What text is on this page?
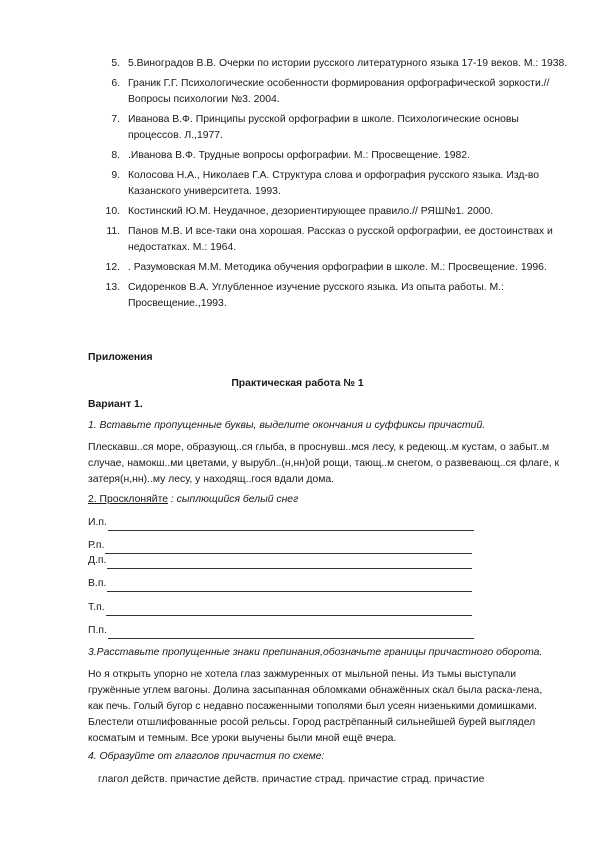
5. 5.Виноградов В.В. Очерки по истории русского литературного языка 17-19 веков. М.: 1938.
6. Граник Г.Г. Психологические особенности формирования орфографической зоркости.// Вопросы психологии №3. 2004.
7. Иванова В.Ф. Принципы русской орфографии в школе. Психологические основы процессов. Л.,1977.
8. .Иванова В.Ф. Трудные вопросы орфографии. М.: Просвещение. 1982.
9. Колосова Н.А., Николаев Г.А. Структура слова и орфография русского языка. Изд-во Казанского университета. 1993.
10. Костинский Ю.М. Неудачное, дезориентирующее правило.// РЯШ№1. 2000.
11. Панов М.В. И все-таки она хорошая. Рассказ о русской орфографии, ее достоинствах и недостатках. М.: 1964.
12. . Разумовская М.М. Методика обучения орфографии в школе. М.: Просвещение. 1996.
13. Сидоренков В.А. Углубленное изучение русского языка. Из опыта работы. М.: Просвещение.,1993.
Приложения
Практическая работа № 1
Вариант 1.
1. Вставьте пропущенные буквы, выделите окончания и суффиксы причастий.
Плескавш..ся море, образующ..ся глыба, в проснувш..мся лесу, к редеющ..м кустам, о забыт..м случае, намокш..ми цветами, у вырубл..(н,нн)ой рощи, тающ..м снегом, о развевающ..ся флаге, к затеря(н,нн)..му лесу, у находящ..гося вдали дома.
2. Просклоняйте : сыплющийся белый снег
И.п.
Р.п.
Д.п.
В.п.
Т.п.
П.п.
3.Расставьте пропущенные знаки препинания,обозначьте границы причастного оборота.
Но я открыть упорно не хотела глаз зажмуренных от мыльной пены. Из тьмы выступали гружённые углем вагоны. Долина засыпанная обломками обнажённых скал была раска-лена, как печь. Голый бугор с недавно посаженными тополями был усеян низенькими домишками. Блестели отшлифованные росой рельсы. Город растрёпанный сильнейшей бурей выглядел косматым и темным. Все уроки выучены были мной ещё вчера.
4. Образуйте от глаголов причастия по схеме:
глагол действ. причастие действ. причастие страд. причастие страд. причастие
